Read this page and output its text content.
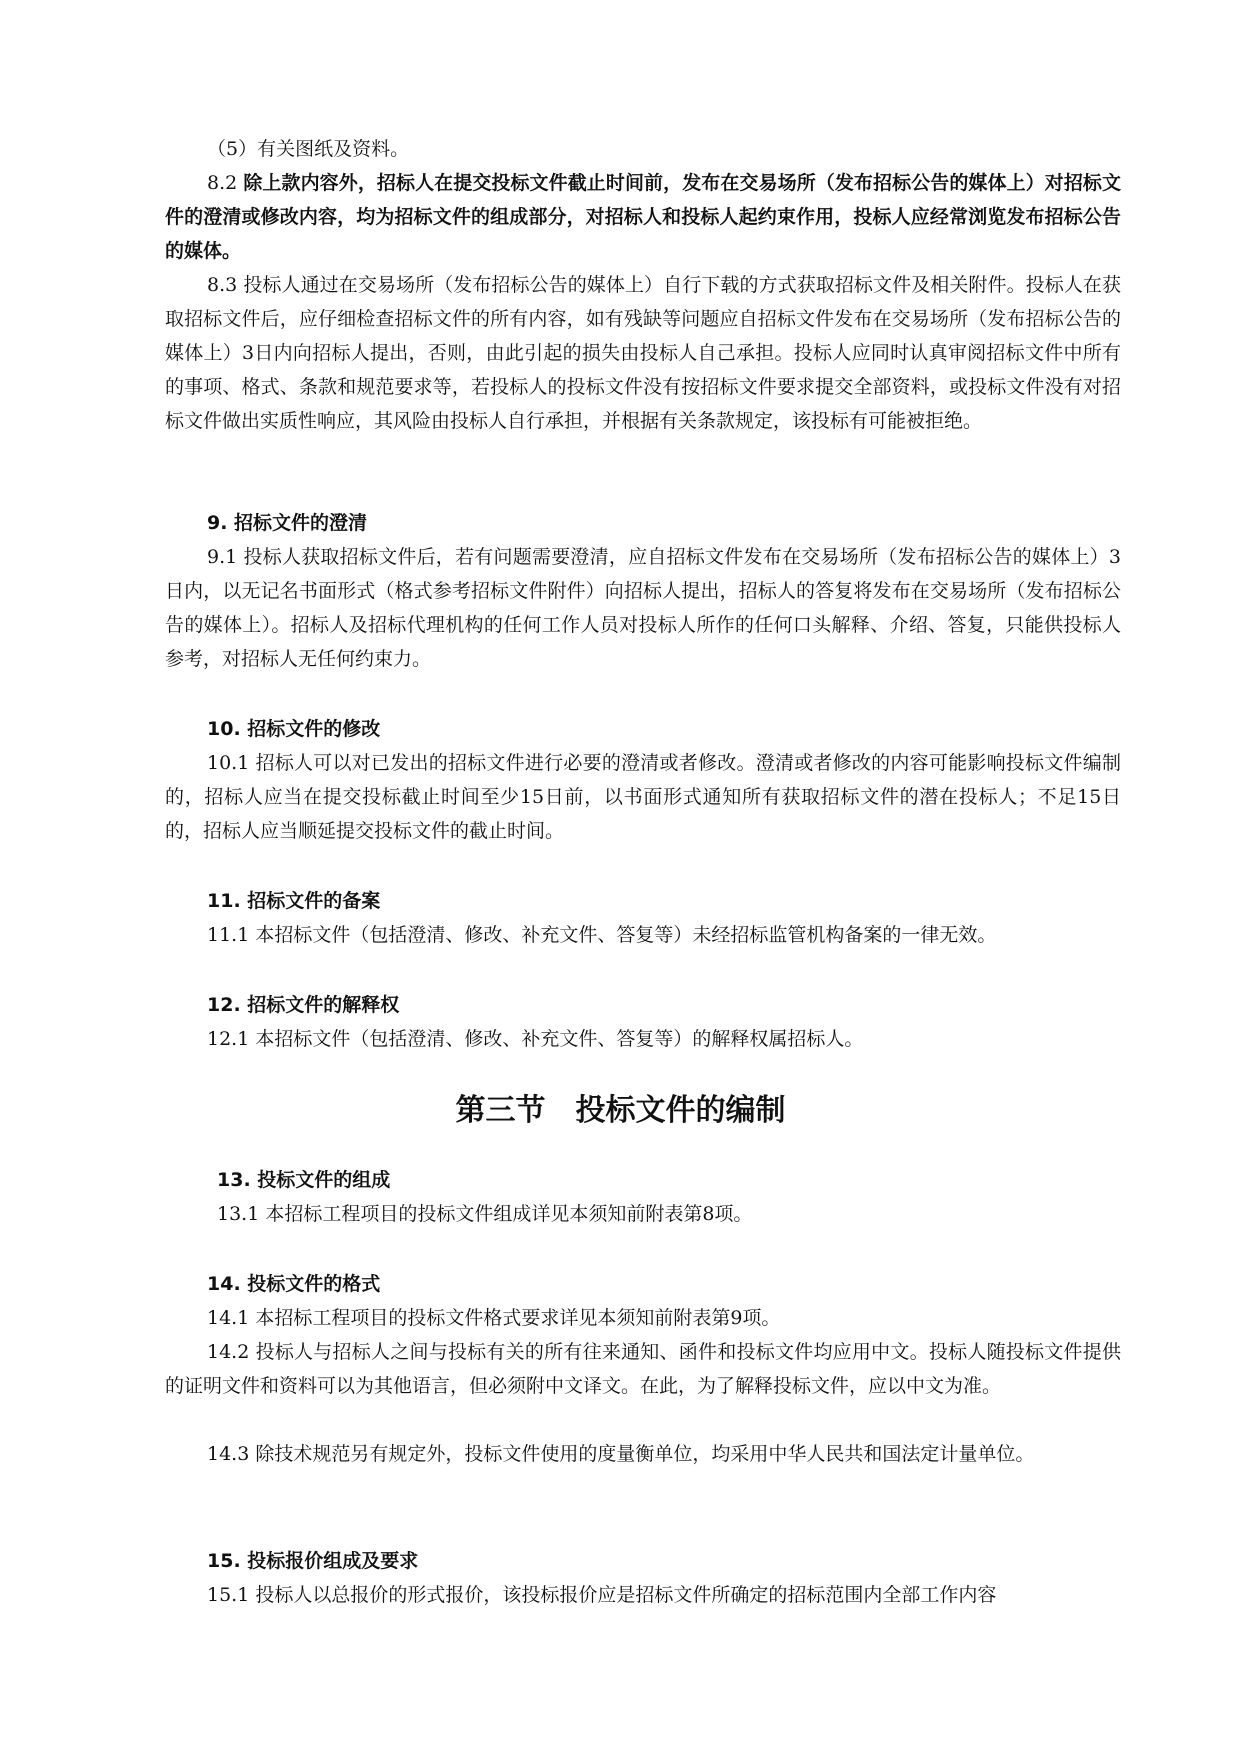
（5）有关图纸及资料。

8.2 除上款内容外，招标人在提交投标文件截止时间前，发布在交易场所（发布招标公告的媒体上）对招标文件的澄清或修改内容，均为招标文件的组成部分，对招标人和投标人起约束作用，投标人应经常浏览发布招标公告的媒体。

8.3 投标人通过在交易场所（发布招标公告的媒体上）自行下载的方式获取招标文件及相关附件。投标人在获取招标文件后，应仔细检查招标文件的所有内容，如有残缺等问题应自招标文件发布在交易场所（发布招标公告的媒体上）3日内向招标人提出，否则，由此引起的损失由投标人自己承担。投标人应同时认真审阅招标文件中所有的事项、格式、条款和规范要求等，若投标人的投标文件没有按招标文件要求提交全部资料，或投标文件没有对招标文件做出实质性响应，其风险由投标人自行承担，并根据有关条款规定，该投标有可能被拒绝。

9. 招标文件的澄清

9.1 投标人获取招标文件后，若有问题需要澄清，应自招标文件发布在交易场所（发布招标公告的媒体上）3日内，以无记名书面形式（格式参考招标文件附件）向招标人提出，招标人的答复将发布在交易场所（发布招标公告的媒体上）。招标人及招标代理机构的任何工作人员对投标人所作的任何口头解释、介绍、答复，只能供投标人参考，对招标人无任何约束力。

10. 招标文件的修改

10.1 招标人可以对已发出的招标文件进行必要的澄清或者修改。澄清或者修改的内容可能影响投标文件编制的，招标人应当在提交投标截止时间至少15日前，以书面形式通知所有获取招标文件的潜在投标人；不足15日的，招标人应当顺延提交投标文件的截止时间。

11. 招标文件的备案

11.1 本招标文件（包括澄清、修改、补充文件、答复等）未经招标监管机构备案的一律无效。

12. 招标文件的解释权

12.1 本招标文件（包括澄清、修改、补充文件、答复等）的解释权属招标人。

第三节 投标文件的编制
13. 投标文件的组成

13.1 本招标工程项目的投标文件组成详见本须知前附表第8项。

14. 投标文件的格式

14.1 本招标工程项目的投标文件格式要求详见本须知前附表第9项。

14.2 投标人与招标人之间与投标有关的所有往来通知、函件和投标文件均应用中文。投标人随投标文件提供的证明文件和资料可以为其他语言，但必须附中文译文。在此，为了解释投标文件，应以中文为准。

14.3 除技术规范另有规定外，投标文件使用的度量衡单位，均采用中华人民共和国法定计量单位。

15. 投标报价组成及要求

15.1 投标人以总报价的形式报价，该投标报价应是招标文件所确定的招标范围内全部工作内容
